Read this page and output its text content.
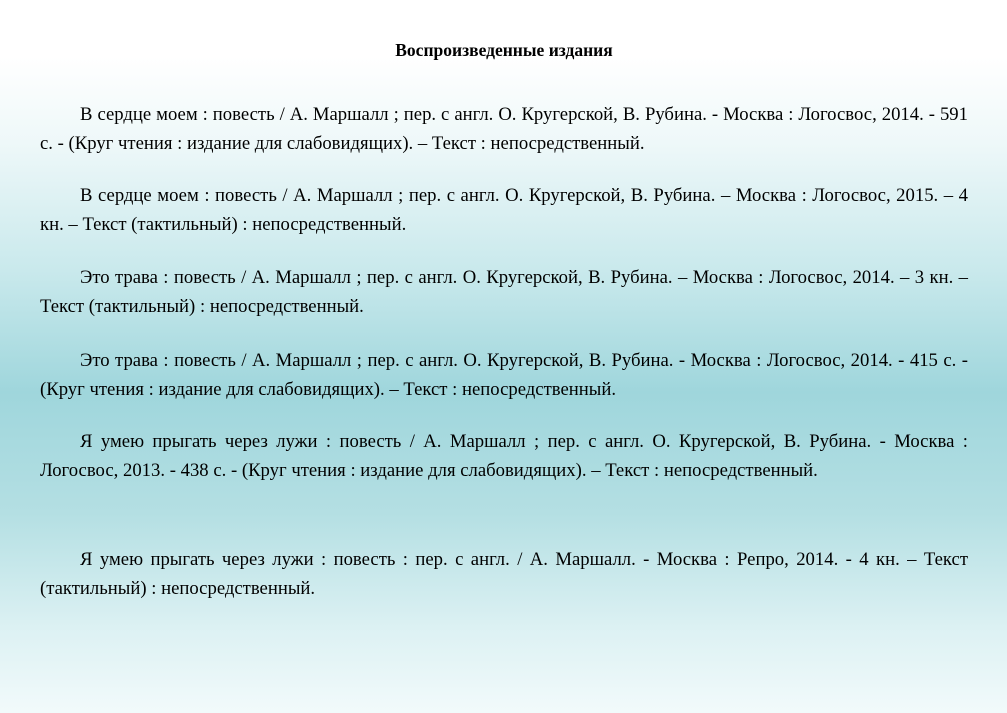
Воспроизведенные издания

В сердце моем : повесть / А. Маршалл ; пер. с англ. О. Кругерской, В. Рубина. - Москва : Логосвос, 2014. - 591 с. - (Круг чтения : издание для слабовидящих). – Текст : непосредственный.

В сердце моем : повесть / А. Маршалл ; пер. с англ. О. Кругерской, В. Рубина. – Москва : Логосвос, 2015. – 4 кн. – Текст (тактильный) : непосредственный.

Это трава : повесть / А. Маршалл ; пер. с англ. О. Кругерской, В. Рубина. – Москва : Логосвос, 2014. – 3 кн. – Текст (тактильный) : непосредственный.

Это трава : повесть / А. Маршалл ; пер. с англ. О. Кругерской, В. Рубина. - Москва : Логосвос, 2014. - 415 с. - (Круг чтения : издание для слабовидящих). – Текст : непосредственный.

Я умею прыгать через лужи : повесть / А. Маршалл ; пер. с англ. О. Кругерской, В. Рубина. - Москва : Логосвос, 2013. - 438 с. - (Круг чтения : издание для слабовидящих). – Текст : непосредственный.

Я умею прыгать через лужи : повесть : пер. с англ. / А. Маршалл. - Москва : Репро, 2014. - 4 кн. – Текст (тактильный) : непосредственный.
